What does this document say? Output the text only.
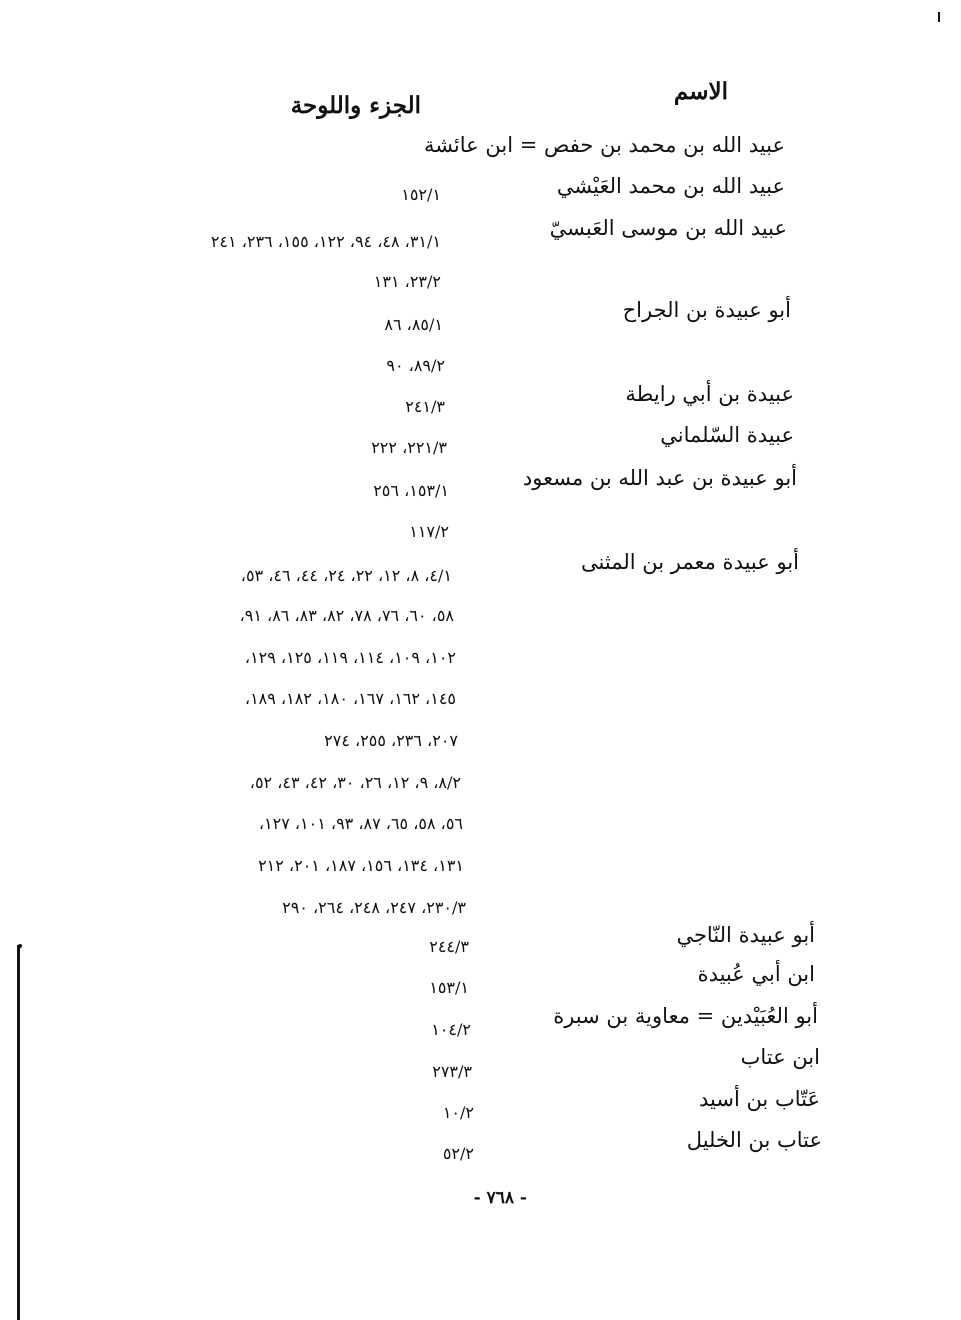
الاسم
الجزء واللوحة
عبيد الله بن محمد بن حفص = ابن عائشة
عبيد الله بن محمد العَيْشي
عبيد الله بن موسى العَبسيّ
أبو عبيدة بن الجراح
عبيدة بن أبي رايطة
عبيدة السّلماني
أبو عبيدة بن عبد الله بن مسعود
أبو عبيدة معمر بن المثنى
أبو عبيدة النّاجي
ابن أبي عُبيدة
أبو العُبَيْدين = معاوية بن سبرة
ابن عتاب
عَتّاب بن أسيد
عتاب بن الخليل
١٥٢/١
٣١/١، ٤٨، ٩٤، ١٢٢، ١٥٥، ٢٣٦، ٢٤١
٢٣/٢، ١٣١
٨٥/١، ٨٦
٨٩/٢، ٩٠
٢٤١/٣
٢٢١/٣، ٢٢٢
١٥٣/١، ٢٥٦
١١٧/٢
٤/١، ٨، ١٢، ٢٢، ٢٤، ٤٤، ٤٦، ٥٣،
٥٨، ٦٠، ٧٦، ٧٨، ٨٢، ٨٣، ٨٦، ٩١،
١٠٢، ١٠٩، ١١٤، ١١٩، ١٢٥، ١٢٩،
١٤٥، ١٦٢، ١٦٧، ١٨٠، ١٨٢، ١٨٩،
٢٠٧، ٢٣٦، ٢٥٥، ٢٧٤
٨/٢، ٩، ١٢، ٢٦، ٣٠، ٤٢، ٤٣، ٥٢،
٥٦، ٥٨، ٦٥، ٨٧، ٩٣، ١٠١، ١٢٧،
١٣١، ١٣٤، ١٥٦، ١٨٧، ٢٠١، ٢١٢
٢٣٠/٣، ٢٤٧، ٢٤٨، ٢٦٤، ٢٩٠
٢٤٤/٣
١٥٣/١
١٠٤/٢
٢٧٣/٣
١٠/٢
٥٢/٢
- ٧٦٨ -
